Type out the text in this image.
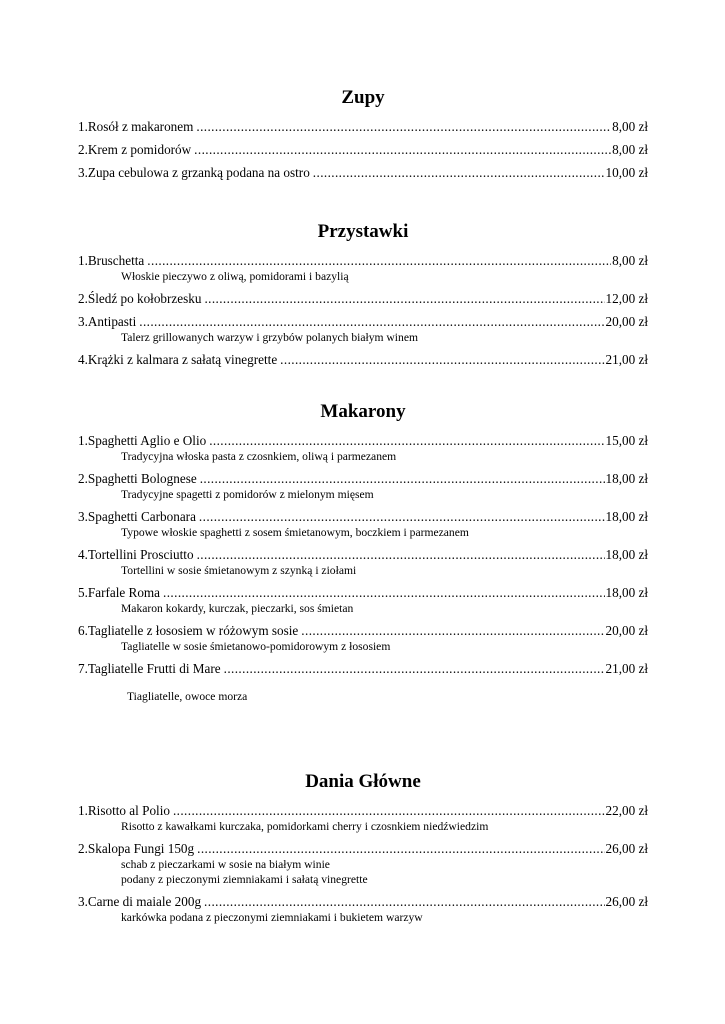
Zupy
1.Rosół z makaronem .....	8,00 zł
2.Krem z pomidorów .....	8,00 zł
3.Zupa cebulowa z grzanką podana na ostro .....	10,00 zł
Przystawki
1.Bruschetta .....	8,00 zł
Włoskie pieczywo z oliwą, pomidorami i bazylią
2.Śledź po kołobrzesku .....	12,00 zł
3.Antipasti .....	20,00 zł
Talerz grillowanych warzyw i grzybów polanych białym winem
4.Krążki z kalmara z sałatą vinegrette .....	21,00 zł
Makarony
1.Spaghetti Aglio e Olio .....	15,00 zł
Tradycyjna włoska pasta z czosnkiem, oliwą i parmezanem
2.Spaghetti Bolognese .....	18,00 zł
Tradycyjne spagetti z pomidorów z mielonym mięsem
3.Spaghetti Carbonara .....	18,00 zł
Typowe włoskie spaghetti z sosem śmietanowym, boczkiem i parmezanem
4.Tortellini Prosciutto .....	18,00 zł
Tortellini w sosie śmietanowym z szynką i ziołami
5.Farfale Roma .....	18,00 zł
Makaron kokardy, kurczak, pieczarki, sos śmietan
6.Tagliatelle z łososiem w różowym sosie .....	20,00 zł
Tagliatelle w sosie śmietanowo-pomidorowym z łososiem
7.Tagliatelle Frutti di Mare .....	21,00 zł
Tiagliatelle, owoce morza
Dania Główne
1.Risotto al Polio .....	22,00 zł
Risotto z kawałkami kurczaka, pomidorkami cherry i czosnkiem niedźwiedzim
2.Skalopa Fungi 150g .....	26,00 zł
schab z pieczarkami w sosie na białym winie
podany z pieczonymi ziemniakami i sałatą vinegrette
3.Carne di maiale 200g .....	26,00 zł
karkówka podana z pieczonymi ziemniakami i bukietem warzyw
